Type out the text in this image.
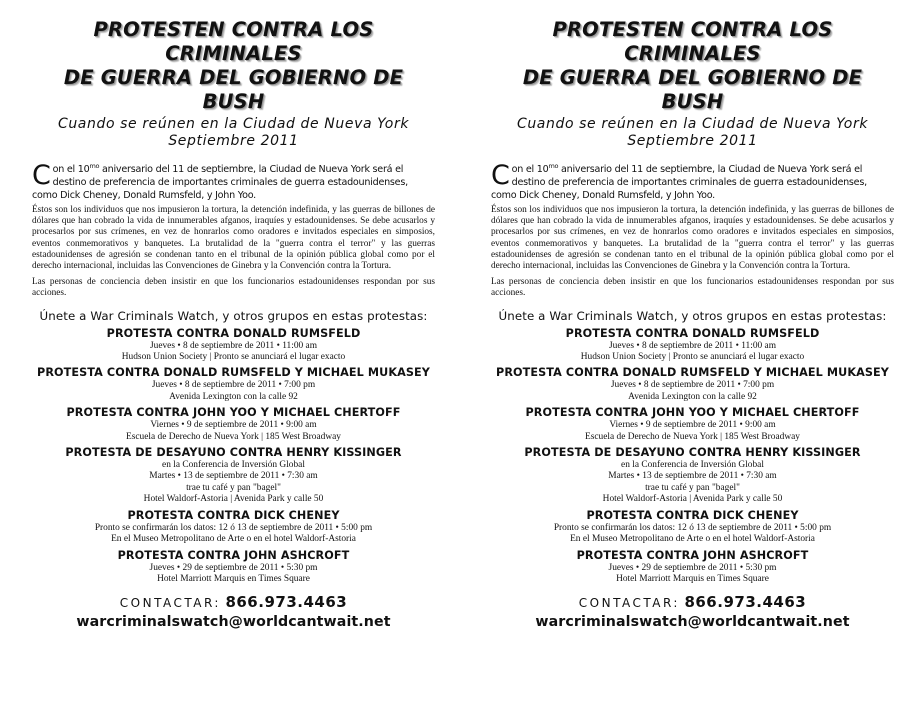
PROTESTEN CONTRA LOS CRIMINALES
DE GUERRA DEL GOBIERNO DE BUSH
Cuando se reúnen en la Ciudad de Nueva York
Septiembre 2011

Con el $10^{mo}$ aniversario del 11 de septiembre, la Ciudad de Nueva York será el destino de preferencia de importantes criminales de guerra estadounidenses, como Dick Cheney, Donald Rumsfeld, y John Yoo.

Éstos son los individuos que nos impusieron la tortura, la detención indefinida, y las guerras de billones de dólares que han cobrado la vida de innumerables afganos, iraquíes y estadounidenses. Se debe acusarlos y procesarlos por sus crímenes, en vez de honrarlos como oradores e invitados especiales en simposios, eventos conmemorativos y banquetes. La brutalidad de la "guerra contra el terror" y las guerras estadounidenses de agresión se condenan tanto en el tribunal de la opinión pública global como por el derecho internacional, incluidas las Convenciones de Ginebra y la Convención contra la Tortura.

Las personas de conciencia deben insistir en que los funcionarios estadounidenses respondan por sus acciones.

Únete a War Criminals Watch, y otros grupos en estas protestas:
PROTESTA CONTRA DONALD RUMSFELD
Jueves • 8 de septiembre de 2011 • 11:00 am
Hudson Union Society | Pronto se anunciará el lugar exacto
PROTESTA CONTRA DONALD RUMSFELD Y MICHAEL MUKASEY
Jueves • 8 de septiembre de 2011 • 7:00 pm
Avenida Lexington con la calle 92
PROTESTA CONTRA JOHN YOO Y MICHAEL CHERTOFF
Viernes • 9 de septiembre de 2011 • 9:00 am
Escuela de Derecho de Nueva York | 185 West Broadway
PROTESTA DE DESAYUNO CONTRA HENRY KISSINGER
en la Conferencia de Inversión Global
Martes • 13 de septiembre de 2011 • 7:30 am
trae tu café y pan "bagel"
Hotel Waldorf-Astoria | Avenida Park y calle 50
PROTESTA CONTRA DICK CHENEY
Pronto se confirmarán los datos: 12 ó 13 de septiembre de 2011 • 5:00 pm
En el Museo Metropolitano de Arte o en el hotel Waldorf-Astoria
PROTESTA CONTRA JOHN ASHCROFT
Jueves • 29 de septiembre de 2011 • 5:30 pm
Hotel Marriott Marquis en Times Square
CONTACTAR: 866.973.4463
warcriminalswatch@worldcantwait.net
PROTESTEN CONTRA LOS CRIMINALES
DE GUERRA DEL GOBIERNO DE BUSH
Cuando se reúnen en la Ciudad de Nueva York
Septiembre 2011

Con el $10^{mo}$ aniversario del 11 de septiembre, la Ciudad de Nueva York será el destino de preferencia de importantes criminales de guerra estadounidenses, como Dick Cheney, Donald Rumsfeld, y John Yoo.

Éstos son los individuos que nos impusieron la tortura, la detención indefinida, y las guerras de billones de dólares que han cobrado la vida de innumerables afganos, iraquíes y estadounidenses. Se debe acusarlos y procesarlos por sus crímenes, en vez de honrarlos como oradores e invitados especiales en simposios, eventos conmemorativos y banquetes. La brutalidad de la "guerra contra el terror" y las guerras estadounidenses de agresión se condenan tanto en el tribunal de la opinión pública global como por el derecho internacional, incluidas las Convenciones de Ginebra y la Convención contra la Tortura.

Las personas de conciencia deben insistir en que los funcionarios estadounidenses respondan por sus acciones.

Únete a War Criminals Watch, y otros grupos en estas protestas:
PROTESTA CONTRA DONALD RUMSFELD
Jueves • 8 de septiembre de 2011 • 11:00 am
Hudson Union Society | Pronto se anunciará el lugar exacto
PROTESTA CONTRA DONALD RUMSFELD Y MICHAEL MUKASEY
Jueves • 8 de septiembre de 2011 • 7:00 pm
Avenida Lexington con la calle 92
PROTESTA CONTRA JOHN YOO Y MICHAEL CHERTOFF
Viernes • 9 de septiembre de 2011 • 9:00 am
Escuela de Derecho de Nueva York | 185 West Broadway
PROTESTA DE DESAYUNO CONTRA HENRY KISSINGER
en la Conferencia de Inversión Global
Martes • 13 de septiembre de 2011 • 7:30 am
trae tu café y pan "bagel"
Hotel Waldorf-Astoria | Avenida Park y calle 50
PROTESTA CONTRA DICK CHENEY
Pronto se confirmarán los datos: 12 ó 13 de septiembre de 2011 • 5:00 pm
En el Museo Metropolitano de Arte o en el hotel Waldorf-Astoria
PROTESTA CONTRA JOHN ASHCROFT
Jueves • 29 de septiembre de 2011 • 5:30 pm
Hotel Marriott Marquis en Times Square
CONTACTAR: 866.973.4463
warcriminalswatch@worldcantwait.net
